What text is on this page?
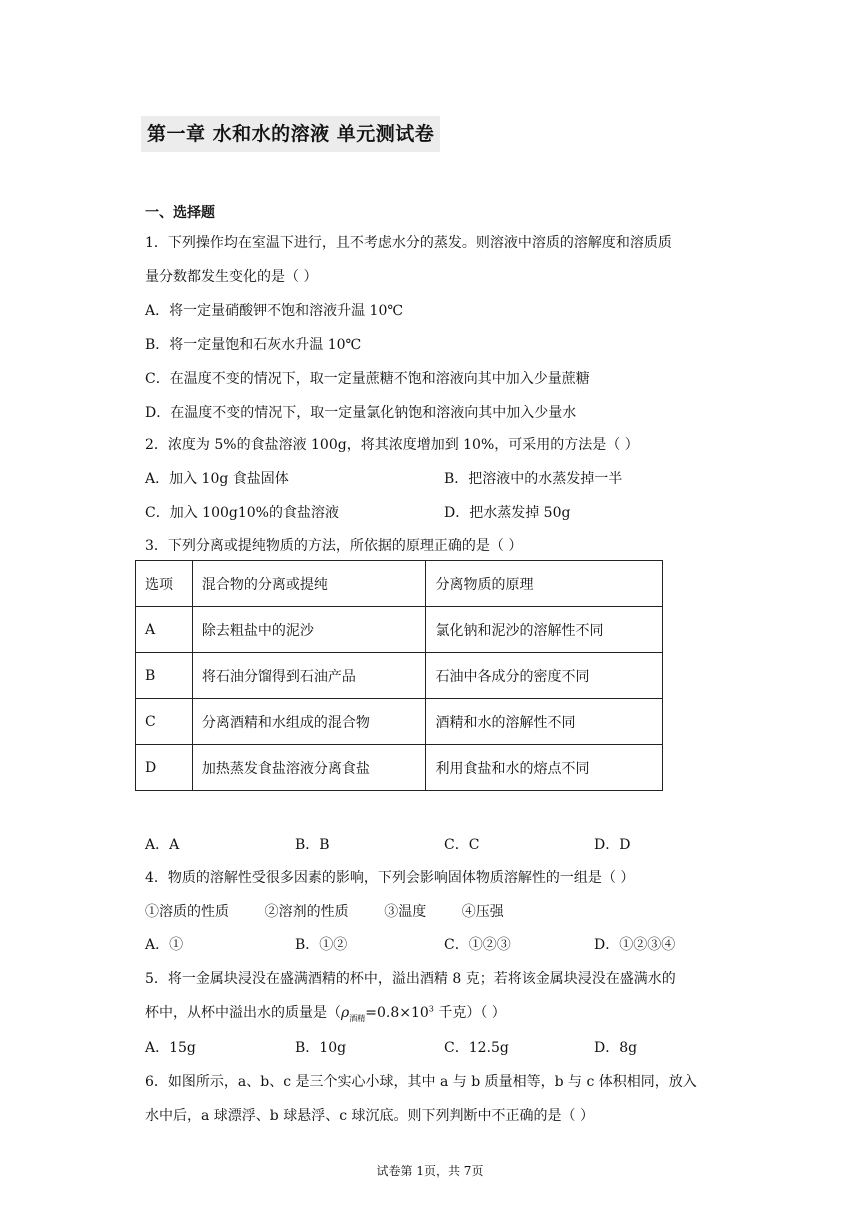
第一章 水和水的溶液 单元测试卷
一、选择题
1．下列操作均在室温下进行，且不考虑水分的蒸发。则溶液中溶质的溶解度和溶质质
量分数都发生变化的是（ ）
A．将一定量硝酸钾不饱和溶液升温 10℃
B．将一定量饱和石灰水升温 10℃
C．在温度不变的情况下，取一定量蔗糖不饱和溶液向其中加入少量蔗糖
D．在温度不变的情况下，取一定量氯化钠饱和溶液向其中加入少量水
2．浓度为 5%的食盐溶液 100g，将其浓度增加到 10%，可采用的方法是（ ）
A．加入 10g 食盐固体	B．把溶液中的水蒸发掉一半
C．加入 100g10%的食盐溶液	D．把水蒸发掉 50g
3．下列分离或提纯物质的方法，所依据的原理正确的是（ ）
选项	混合物的分离或提纯	分离物质的原理
A	除去粗盐中的泥沙	氯化钠和泥沙的溶解性不同
B	将石油分馏得到石油产品	石油中各成分的密度不同
C	分离酒精和水组成的混合物	酒精和水的溶解性不同
D	加热蒸发食盐溶液分离食盐	利用食盐和水的熔点不同
A．A	B．B	C．C	D．D
4．物质的溶解性受很多因素的影响，下列会影响固体物质溶解性的一组是（ ）
①溶质的性质        ②溶剂的性质        ③温度        ④压强
A．①	B．①②	C．①②③	D．①②③④
5．将一金属块浸没在盛满酒精的杯中，溢出酒精 8 克；若将该金属块浸没在盛满水的
杯中，从杯中溢出水的质量是（$\rho_{酒精}=0.8\times 10^3$ 千克）（ ）
A．15g	B．10g	C．12.5g	D．8g
6．如图所示，a、b、c 是三个实心小球，其中 a 与 b 质量相等，b 与 c 体积相同，放入
水中后，a 球漂浮、b 球悬浮、c 球沉底。则下列判断中不正确的是（ ）
试卷第 1页，共 7页
